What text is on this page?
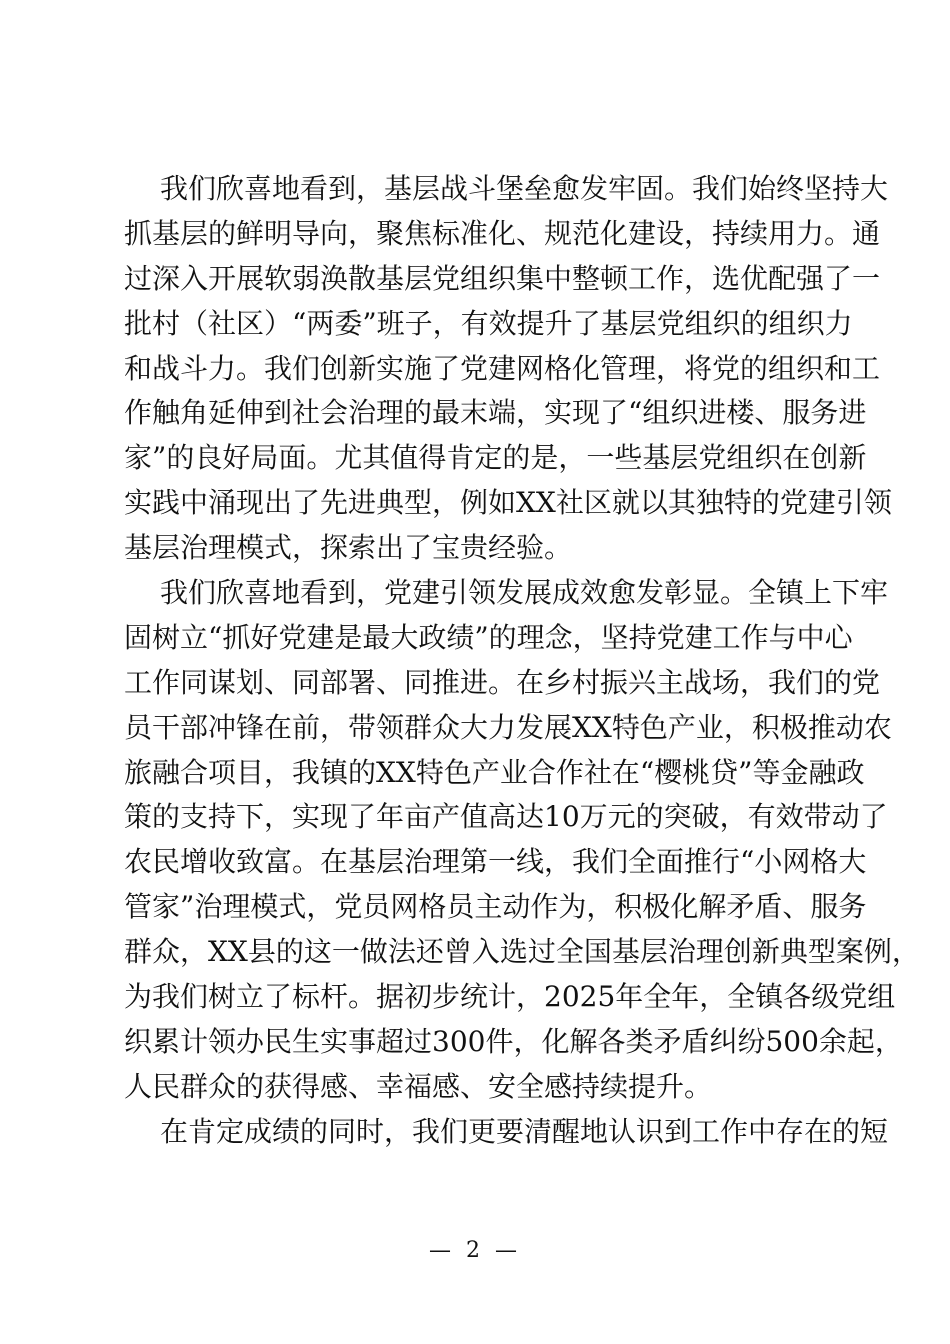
我们欣喜地看到，基层战斗堡垒愈发牢固。我们始终坚持大
抓基层的鲜明导向，聚焦标准化、规范化建设，持续用力。通
过深入开展软弱涣散基层党组织集中整顿工作，选优配强了一
批村（社区）“两委”班子，有效提升了基层党组织的组织力
和战斗力。我们创新实施了党建网格化管理，将党的组织和工
作触角延伸到社会治理的最末端，实现了“组织进楼、服务进
家”的良好局面。尤其值得肯定的是，一些基层党组织在创新
实践中涌现出了先进典型，例如XX社区就以其独特的党建引领
基层治理模式，探索出了宝贵经验。
我们欣喜地看到，党建引领发展成效愈发彰显。全镇上下牢
固树立“抓好党建是最大政绩”的理念，坚持党建工作与中心
工作同谋划、同部署、同推进。在乡村振兴主战场，我们的党
员干部冲锋在前，带领群众大力发展XX特色产业，积极推动农
旅融合项目，我镇的XX特色产业合作社在“樱桃贷”等金融政
策的支持下，实现了年亩产值高达10万元的突破，有效带动了
农民增收致富。在基层治理第一线，我们全面推行“小网格大
管家”治理模式，党员网格员主动作为，积极化解矛盾、服务
群众，XX县的这一做法还曾入选过全国基层治理创新典型案例，
为我们树立了标杆。据初步统计，2025年全年，全镇各级党组
织累计领办民生实事超过300件，化解各类矛盾纠纷500余起，
人民群众的获得感、幸福感、安全感持续提升。
在肯定成绩的同时，我们更要清醒地认识到工作中存在的短
— 2 —
